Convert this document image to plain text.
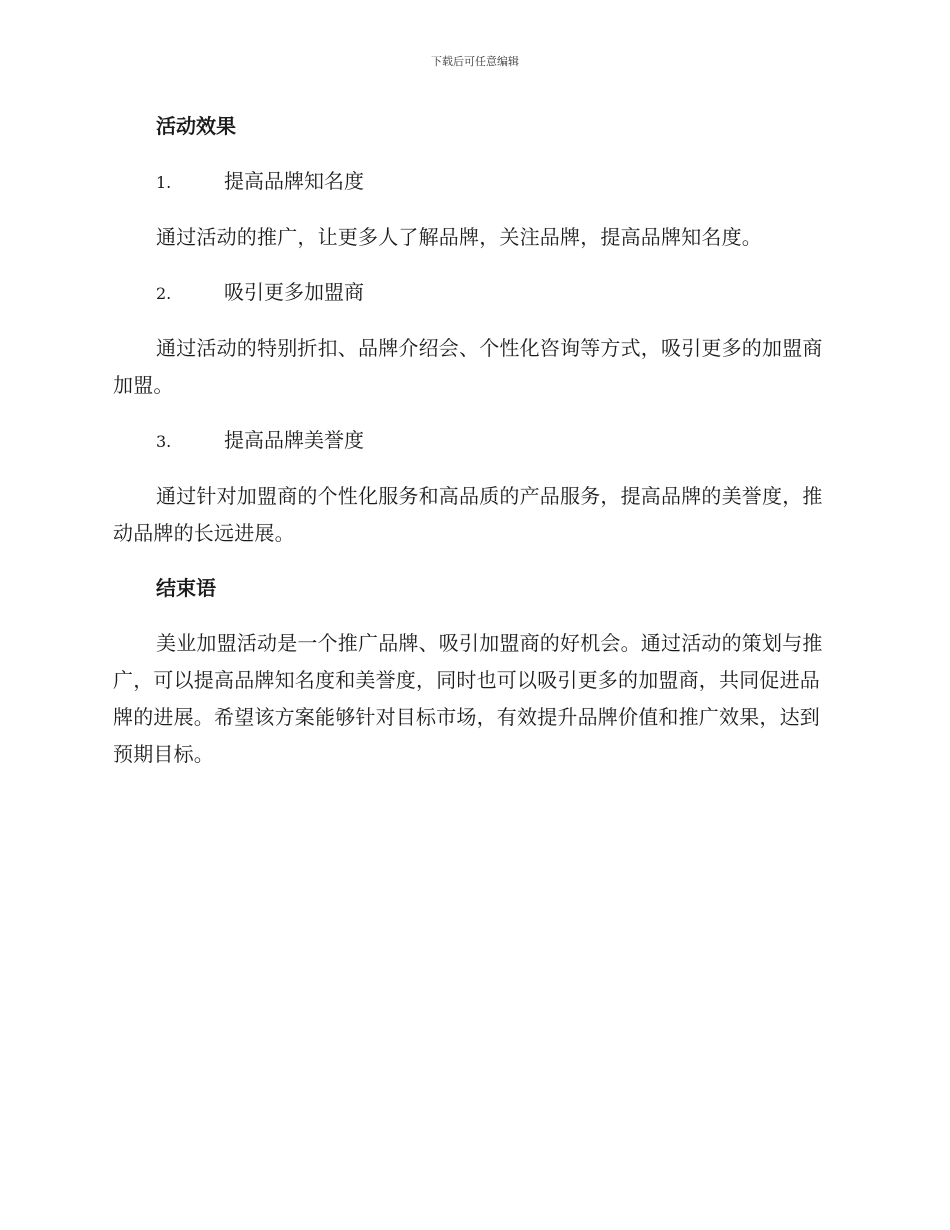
下载后可任意编辑
活动效果
1.	提高品牌知名度

通过活动的推广，让更多人了解品牌，关注品牌，提高品牌知名度。

2.	吸引更多加盟商

通过活动的特别折扣、品牌介绍会、个性化咨询等方式，吸引更多的加盟商加盟。

3.	提高品牌美誉度

通过针对加盟商的个性化服务和高品质的产品服务，提高品牌的美誉度，推动品牌的长远进展。

结束语

美业加盟活动是一个推广品牌、吸引加盟商的好机会。通过活动的策划与推广，可以提高品牌知名度和美誉度，同时也可以吸引更多的加盟商，共同促进品牌的进展。希望该方案能够针对目标市场，有效提升品牌价值和推广效果，达到预期目标。
